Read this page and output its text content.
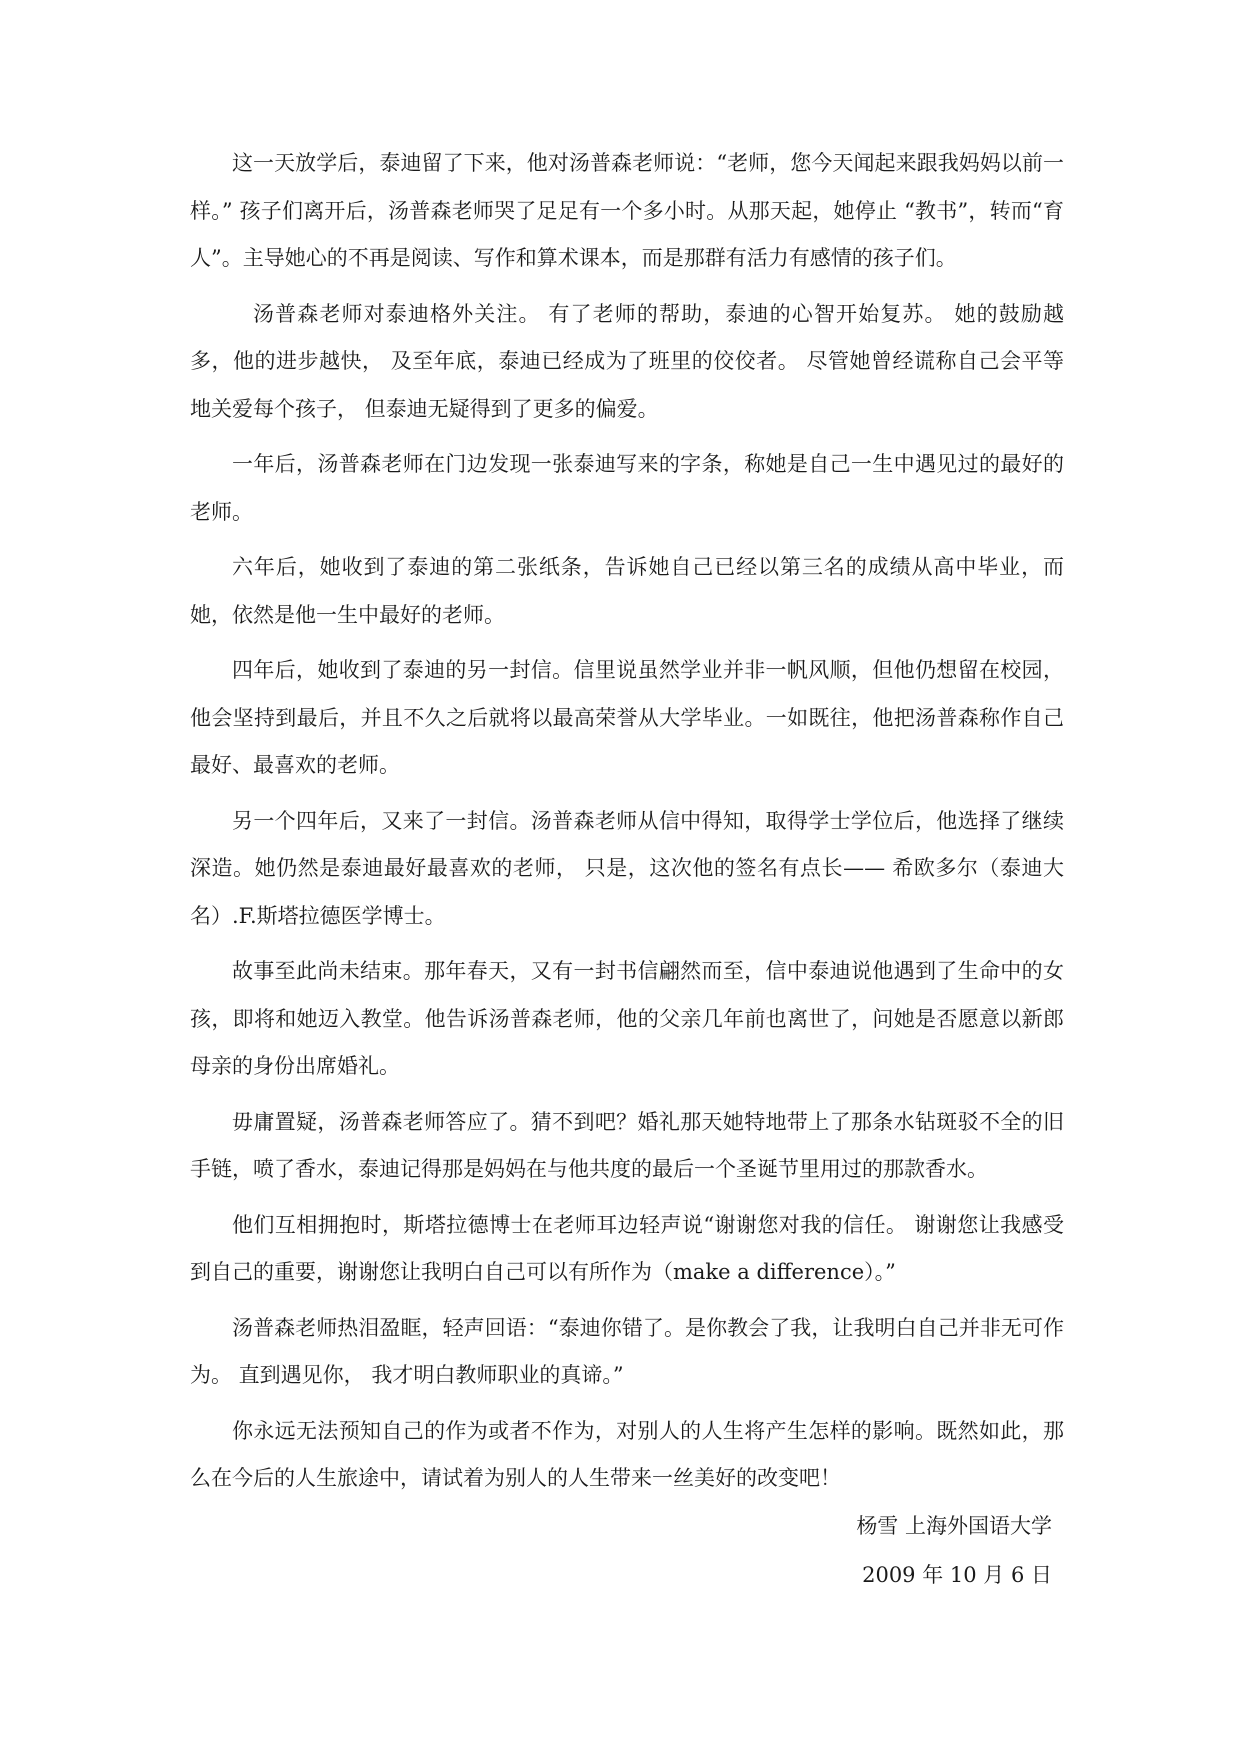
这一天放学后，泰迪留了下来，他对汤普森老师说：“老师，您今天闻起来跟我妈妈以前一样。” 孩子们离开后，汤普森老师哭了足足有一个多小时。从那天起，她停止 “教书”，转而“育人”。主导她心的不再是阅读、写作和算术课本，而是那群有活力有感情的孩子们。

汤普森老师对泰迪格外关注。 有了老师的帮助，泰迪的心智开始复苏。 她的鼓励越多，他的进步越快， 及至年底，泰迪已经成为了班里的佼佼者。 尽管她曾经谎称自己会平等地关爱每个孩子， 但泰迪无疑得到了更多的偏爱。

一年后，汤普森老师在门边发现一张泰迪写来的字条，称她是自己一生中遇见过的最好的老师。

六年后，她收到了泰迪的第二张纸条，告诉她自己已经以第三名的成绩从高中毕业，而她，依然是他一生中最好的老师。

四年后，她收到了泰迪的另一封信。信里说虽然学业并非一帆风顺，但他仍想留在校园，他会坚持到最后，并且不久之后就将以最高荣誉从大学毕业。一如既往，他把汤普森称作自己最好、最喜欢的老师。

另一个四年后，又来了一封信。汤普森老师从信中得知，取得学士学位后，他选择了继续深造。她仍然是泰迪最好最喜欢的老师， 只是，这次他的签名有点长—— 希欧多尔（泰迪大名）.F.斯塔拉德医学博士。

故事至此尚未结束。那年春天，又有一封书信翩然而至，信中泰迪说他遇到了生命中的女孩，即将和她迈入教堂。他告诉汤普森老师，他的父亲几年前也离世了，问她是否愿意以新郎母亲的身份出席婚礼。

毋庸置疑，汤普森老师答应了。猜不到吧？婚礼那天她特地带上了那条水钻斑驳不全的旧手链，喷了香水，泰迪记得那是妈妈在与他共度的最后一个圣诞节里用过的那款香水。

他们互相拥抱时，斯塔拉德博士在老师耳边轻声说“谢谢您对我的信任。 谢谢您让我感受到自己的重要，谢谢您让我明白自己可以有所作为（make a difference）。”

汤普森老师热泪盈眶，轻声回语：“泰迪你错了。是你教会了我，让我明白自己并非无可作为。 直到遇见你， 我才明白教师职业的真谛。”

你永远无法预知自己的作为或者不作为，对别人的人生将产生怎样的影响。既然如此，那么在今后的人生旅途中，请试着为别人的人生带来一丝美好的改变吧！

杨雪 上海外国语大学

2009 年 10 月 6 日
